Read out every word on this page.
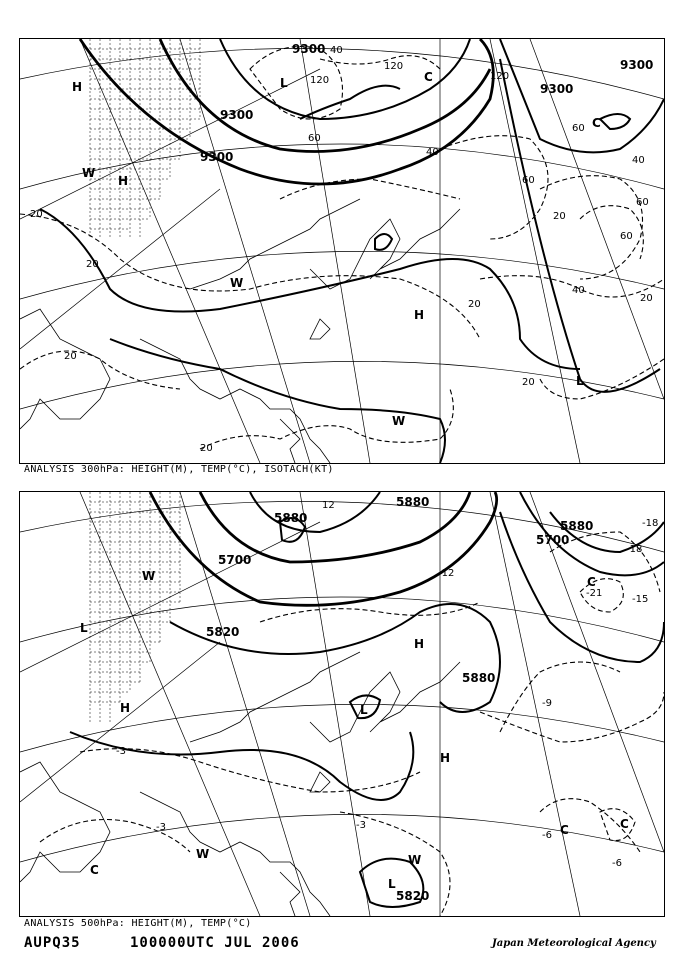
9300
9300
9300
9300
9300
20
20
20
20
20
20
20
20
40
40
40
40
60
60
60
60
60
120	120
120
H
H
W
W
W
H
L
L	C
C
ANALYSIS 300hPa: HEIGHT(M), TEMP(°C), ISOTACH(KT)
5880
5880
5880
5700
5700
5820
5820
5880
-3
-3
-3
-9
-6
-18
-18
-15
-21
-6
-12
12
W
L
H
C
W
H
H
C
C	C
L
W
L
ANALYSIS 500hPa: HEIGHT(M), TEMP(°C)
AUPQ35	100000UTC JUL 2006	Japan Meteorological Agency
